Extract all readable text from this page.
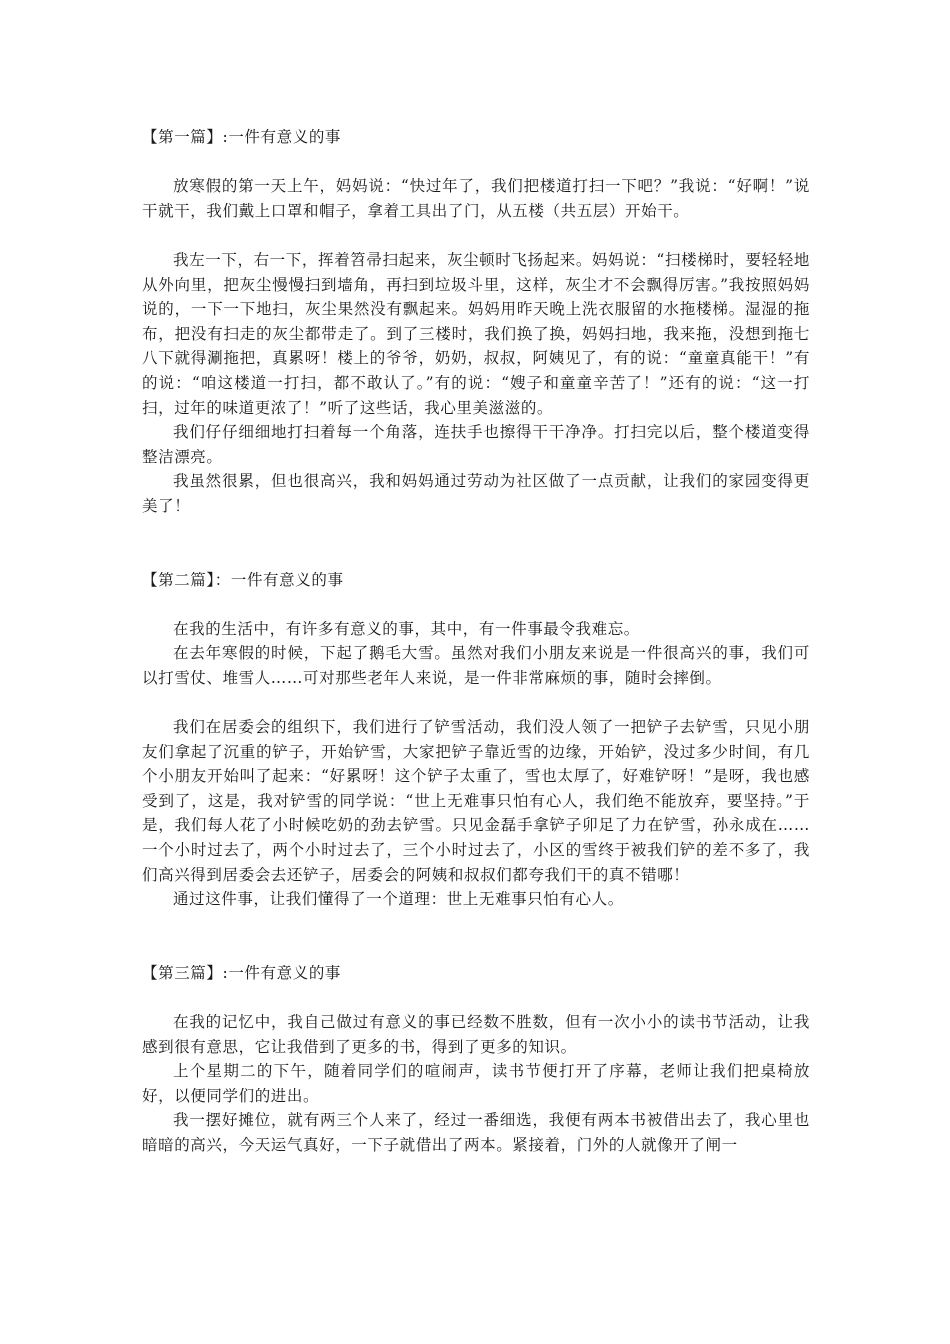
【第一篇】:一件有意义的事

放寒假的第一天上午，妈妈说：“快过年了，我们把楼道打扫一下吧？”我说：“好啊！”说干就干，我们戴上口罩和帽子，拿着工具出了门，从五楼（共五层）开始干。

我左一下，右一下，挥着笤帚扫起来，灰尘顿时飞扬起来。妈妈说：“扫楼梯时，要轻轻地从外向里，把灰尘慢慢扫到墙角，再扫到垃圾斗里，这样，灰尘才不会飘得厉害。”我按照妈妈说的，一下一下地扫，灰尘果然没有飘起来。妈妈用昨天晚上洗衣服留的水拖楼梯。湿湿的拖布，把没有扫走的灰尘都带走了。到了三楼时，我们换了换，妈妈扫地，我来拖，没想到拖七八下就得涮拖把，真累呀！楼上的爷爷，奶奶，叔叔，阿姨见了，有的说：“童童真能干！”有的说：“咱这楼道一打扫，都不敢认了。”有的说：“嫂子和童童辛苦了！”还有的说：“这一打扫，过年的味道更浓了！”听了这些话，我心里美滋滋的。

我们仔仔细细地打扫着每一个角落，连扶手也擦得干干净净。打扫完以后，整个楼道变得整洁漂亮。

我虽然很累，但也很高兴，我和妈妈通过劳动为社区做了一点贡献，让我们的家园变得更美了！

【第二篇】：一件有意义的事

在我的生活中，有许多有意义的事，其中，有一件事最令我难忘。

在去年寒假的时候，下起了鹅毛大雪。虽然对我们小朋友来说是一件很高兴的事，我们可以打雪仗、堆雪人……可对那些老年人来说，是一件非常麻烦的事，随时会摔倒。

我们在居委会的组织下，我们进行了铲雪活动，我们没人领了一把铲子去铲雪，只见小朋友们拿起了沉重的铲子，开始铲雪，大家把铲子靠近雪的边缘，开始铲，没过多少时间，有几个小朋友开始叫了起来：“好累呀！这个铲子太重了，雪也太厚了，好难铲呀！”是呀，我也感受到了，这是，我对铲雪的同学说：“世上无难事只怕有心人，我们绝不能放弃，要坚持。”于是，我们每人花了小时候吃奶的劲去铲雪。只见金磊手拿铲子卯足了力在铲雪，孙永成在……一个小时过去了，两个小时过去了，三个小时过去了，小区的雪终于被我们铲的差不多了，我们高兴得到居委会去还铲子，居委会的阿姨和叔叔们都夸我们干的真不错哪！

通过这件事，让我们懂得了一个道理：世上无难事只怕有心人。

【第三篇】:一件有意义的事

在我的记忆中，我自己做过有意义的事已经数不胜数，但有一次小小的读书节活动，让我感到很有意思，它让我借到了更多的书，得到了更多的知识。

上个星期二的下午，随着同学们的喧闹声，读书节便打开了序幕，老师让我们把桌椅放好，以便同学们的进出。

我一摆好摊位，就有两三个人来了，经过一番细选，我便有两本书被借出去了，我心里也暗暗的高兴，今天运气真好，一下子就借出了两本。紧接着，门外的人就像开了闸一
